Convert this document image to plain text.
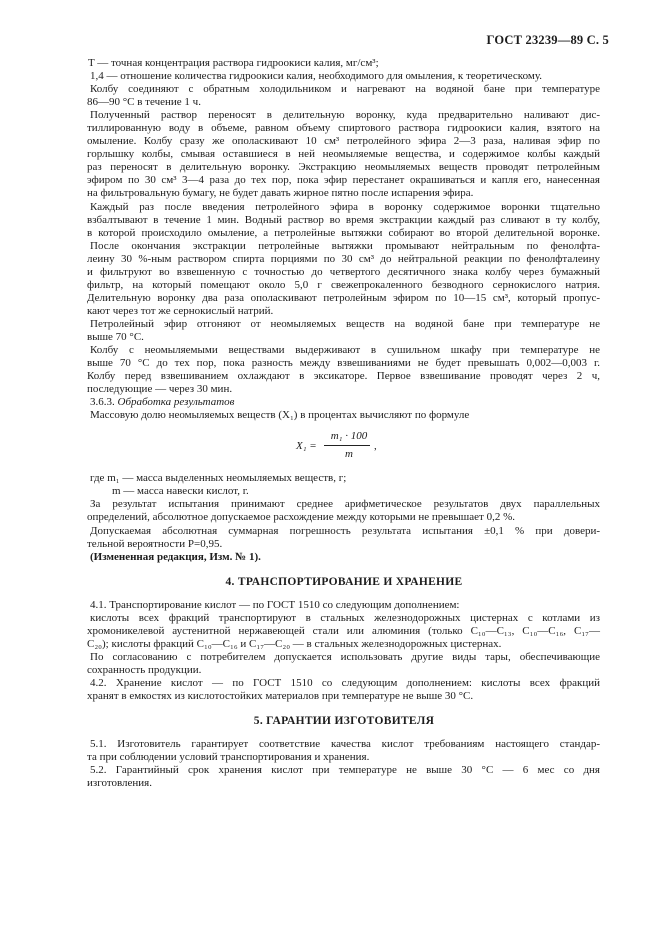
ГОСТ 23239—89 С. 5
T — точная концентрация раствора гидроокиси калия, мг/см³;
1,4 — отношение количества гидроокиси калия, необходимого для омыления, к теоретическому.
Колбу соединяют с обратным холодильником и нагревают на водяной бане при температуре
86—90 °С в течение 1 ч.
Полученный раствор переносят в делительную воронку, куда предварительно наливают дис-
тиллированную воду в объеме, равном объему спиртового раствора гидроокиси калия, взятого на
омыление. Колбу сразу же ополаскивают 10 см³ петролейного эфира 2—3 раза, наливая эфир по
горлышку колбы, смывая оставшиеся в ней неомыляемые вещества, и содержимое колбы каждый
раз переносят в делительную воронку. Экстракцию неомыляемых веществ проводят петролейным
эфиром по 30 см³ 3—4 раза до тех пор, пока эфир перестанет окрашиваться и капля его, нанесенная
на фильтровальную бумагу, не будет давать жирное пятно после испарения эфира.
Каждый раз после введения петролейного эфира в воронку содержимое воронки тщательно
взбалтывают в течение 1 мин. Водный раствор во время экстракции каждый раз сливают в ту колбу,
в которой происходило омыление, а петролейные вытяжки собирают во второй делительной воронке.
После окончания экстракции петролейные вытяжки промывают нейтральным по фенолфта-
леину 30 %-ным раствором спирта порциями по 30 см³ до нейтральной реакции по фенолфталеину
и фильтруют во взвешенную с точностью до четвертого десятичного знака колбу через бумажный
фильтр, на который помещают около 5,0 г свежепрокаленного безводного сернокислого натрия.
Делительную воронку два раза ополаскивают петролейным эфиром по 10—15 см³, который пропус-
кают через тот же сернокислый натрий.
Петролейный эфир отгоняют от неомыляемых веществ на водяной бане при температуре не
выше 70 °С.
Колбу с неомыляемыми веществами выдерживают в сушильном шкафу при температуре не
выше 70 °С до тех пор, пока разность между взвешиваниями не будет превышать 0,002—0,003 г.
Колбу перед взвешиванием охлаждают в эксикаторе. Первое взвешивание проводят через 2 ч,
последующие — через 30 мин.
3.6.3. Обработка результатов
Массовую долю неомыляемых веществ (X₁) в процентах вычисляют по формуле
X₁ =
m₁ · 100
m
,
где m₁ — масса выделенных неомыляемых веществ, г;
m — масса навески кислот, г.
За результат испытания принимают среднее арифметическое результатов двух параллельных
определений, абсолютное допускаемое расхождение между которыми не превышает 0,2 %.
Допускаемая абсолютная суммарная погрешность результата испытания ±0,1 % при довери-
тельной вероятности P=0,95.
(Измененная редакция, Изм. № 1).
4. ТРАНСПОРТИРОВАНИЕ И ХРАНЕНИЕ
4.1. Транспортирование кислот — по ГОСТ 1510 со следующим дополнением:
кислоты всех фракций транспортируют в стальных железнодорожных цистернах с котлами из
хромоникелевой аустенитной нержавеющей стали или алюминия (только С₁₀—С₁₃, С₁₀—С₁₆, С₁₇—
С₂₀); кислоты фракций С₁₀—С₁₆ и С₁₇—С₂₀ — в стальных железнодорожных цистернах.
По согласованию с потребителем допускается использовать другие виды тары, обеспечивающие
сохранность продукции.
4.2. Хранение кислот — по ГОСТ 1510 со следующим дополнением: кислоты всех фракций
хранят в емкостях из кислотостойких материалов при температуре не выше 30 °С.
5. ГАРАНТИИ ИЗГОТОВИТЕЛЯ
5.1. Изготовитель гарантирует соответствие качества кислот требованиям настоящего стандар-
та при соблюдении условий транспортирования и хранения.
5.2. Гарантийный срок хранения кислот при температуре не выше 30 °С — 6 мес со дня
изготовления.
